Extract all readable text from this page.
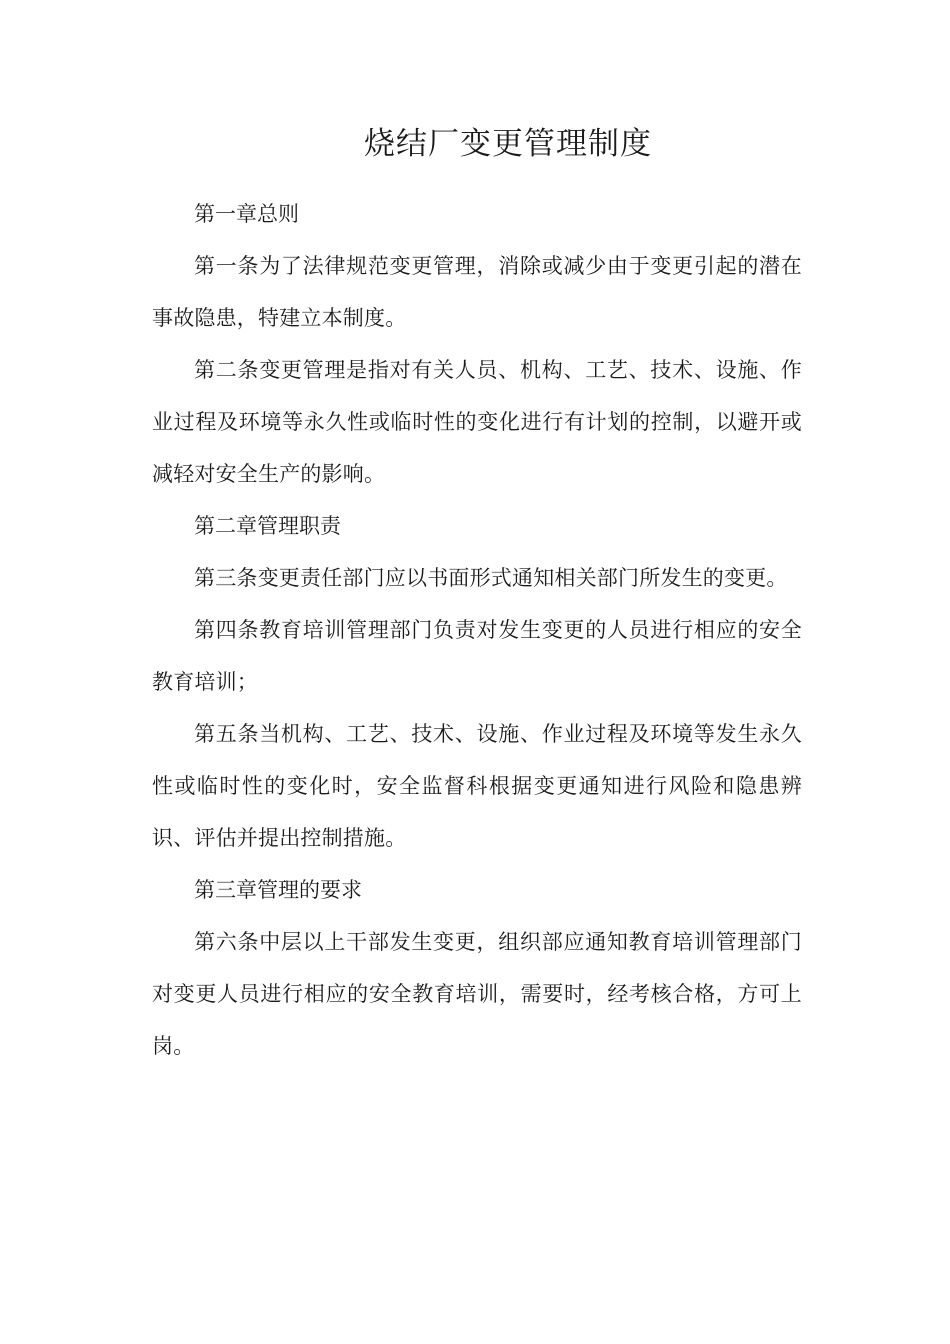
烧结厂变更管理制度
第一章总则

第一条为了法律规范变更管理，消除或减少由于变更引起的潜在事故隐患，特建立本制度。

第二条变更管理是指对有关人员、机构、工艺、技术、设施、作业过程及环境等永久性或临时性的变化进行有计划的控制，以避开或减轻对安全生产的影响。

第二章管理职责

第三条变更责任部门应以书面形式通知相关部门所发生的变更。

第四条教育培训管理部门负责对发生变更的人员进行相应的安全教育培训；

第五条当机构、工艺、技术、设施、作业过程及环境等发生永久性或临时性的变化时，安全监督科根据变更通知进行风险和隐患辨识、评估并提出控制措施。

第三章管理的要求

第六条中层以上干部发生变更，组织部应通知教育培训管理部门对变更人员进行相应的安全教育培训，需要时，经考核合格，方可上岗。
